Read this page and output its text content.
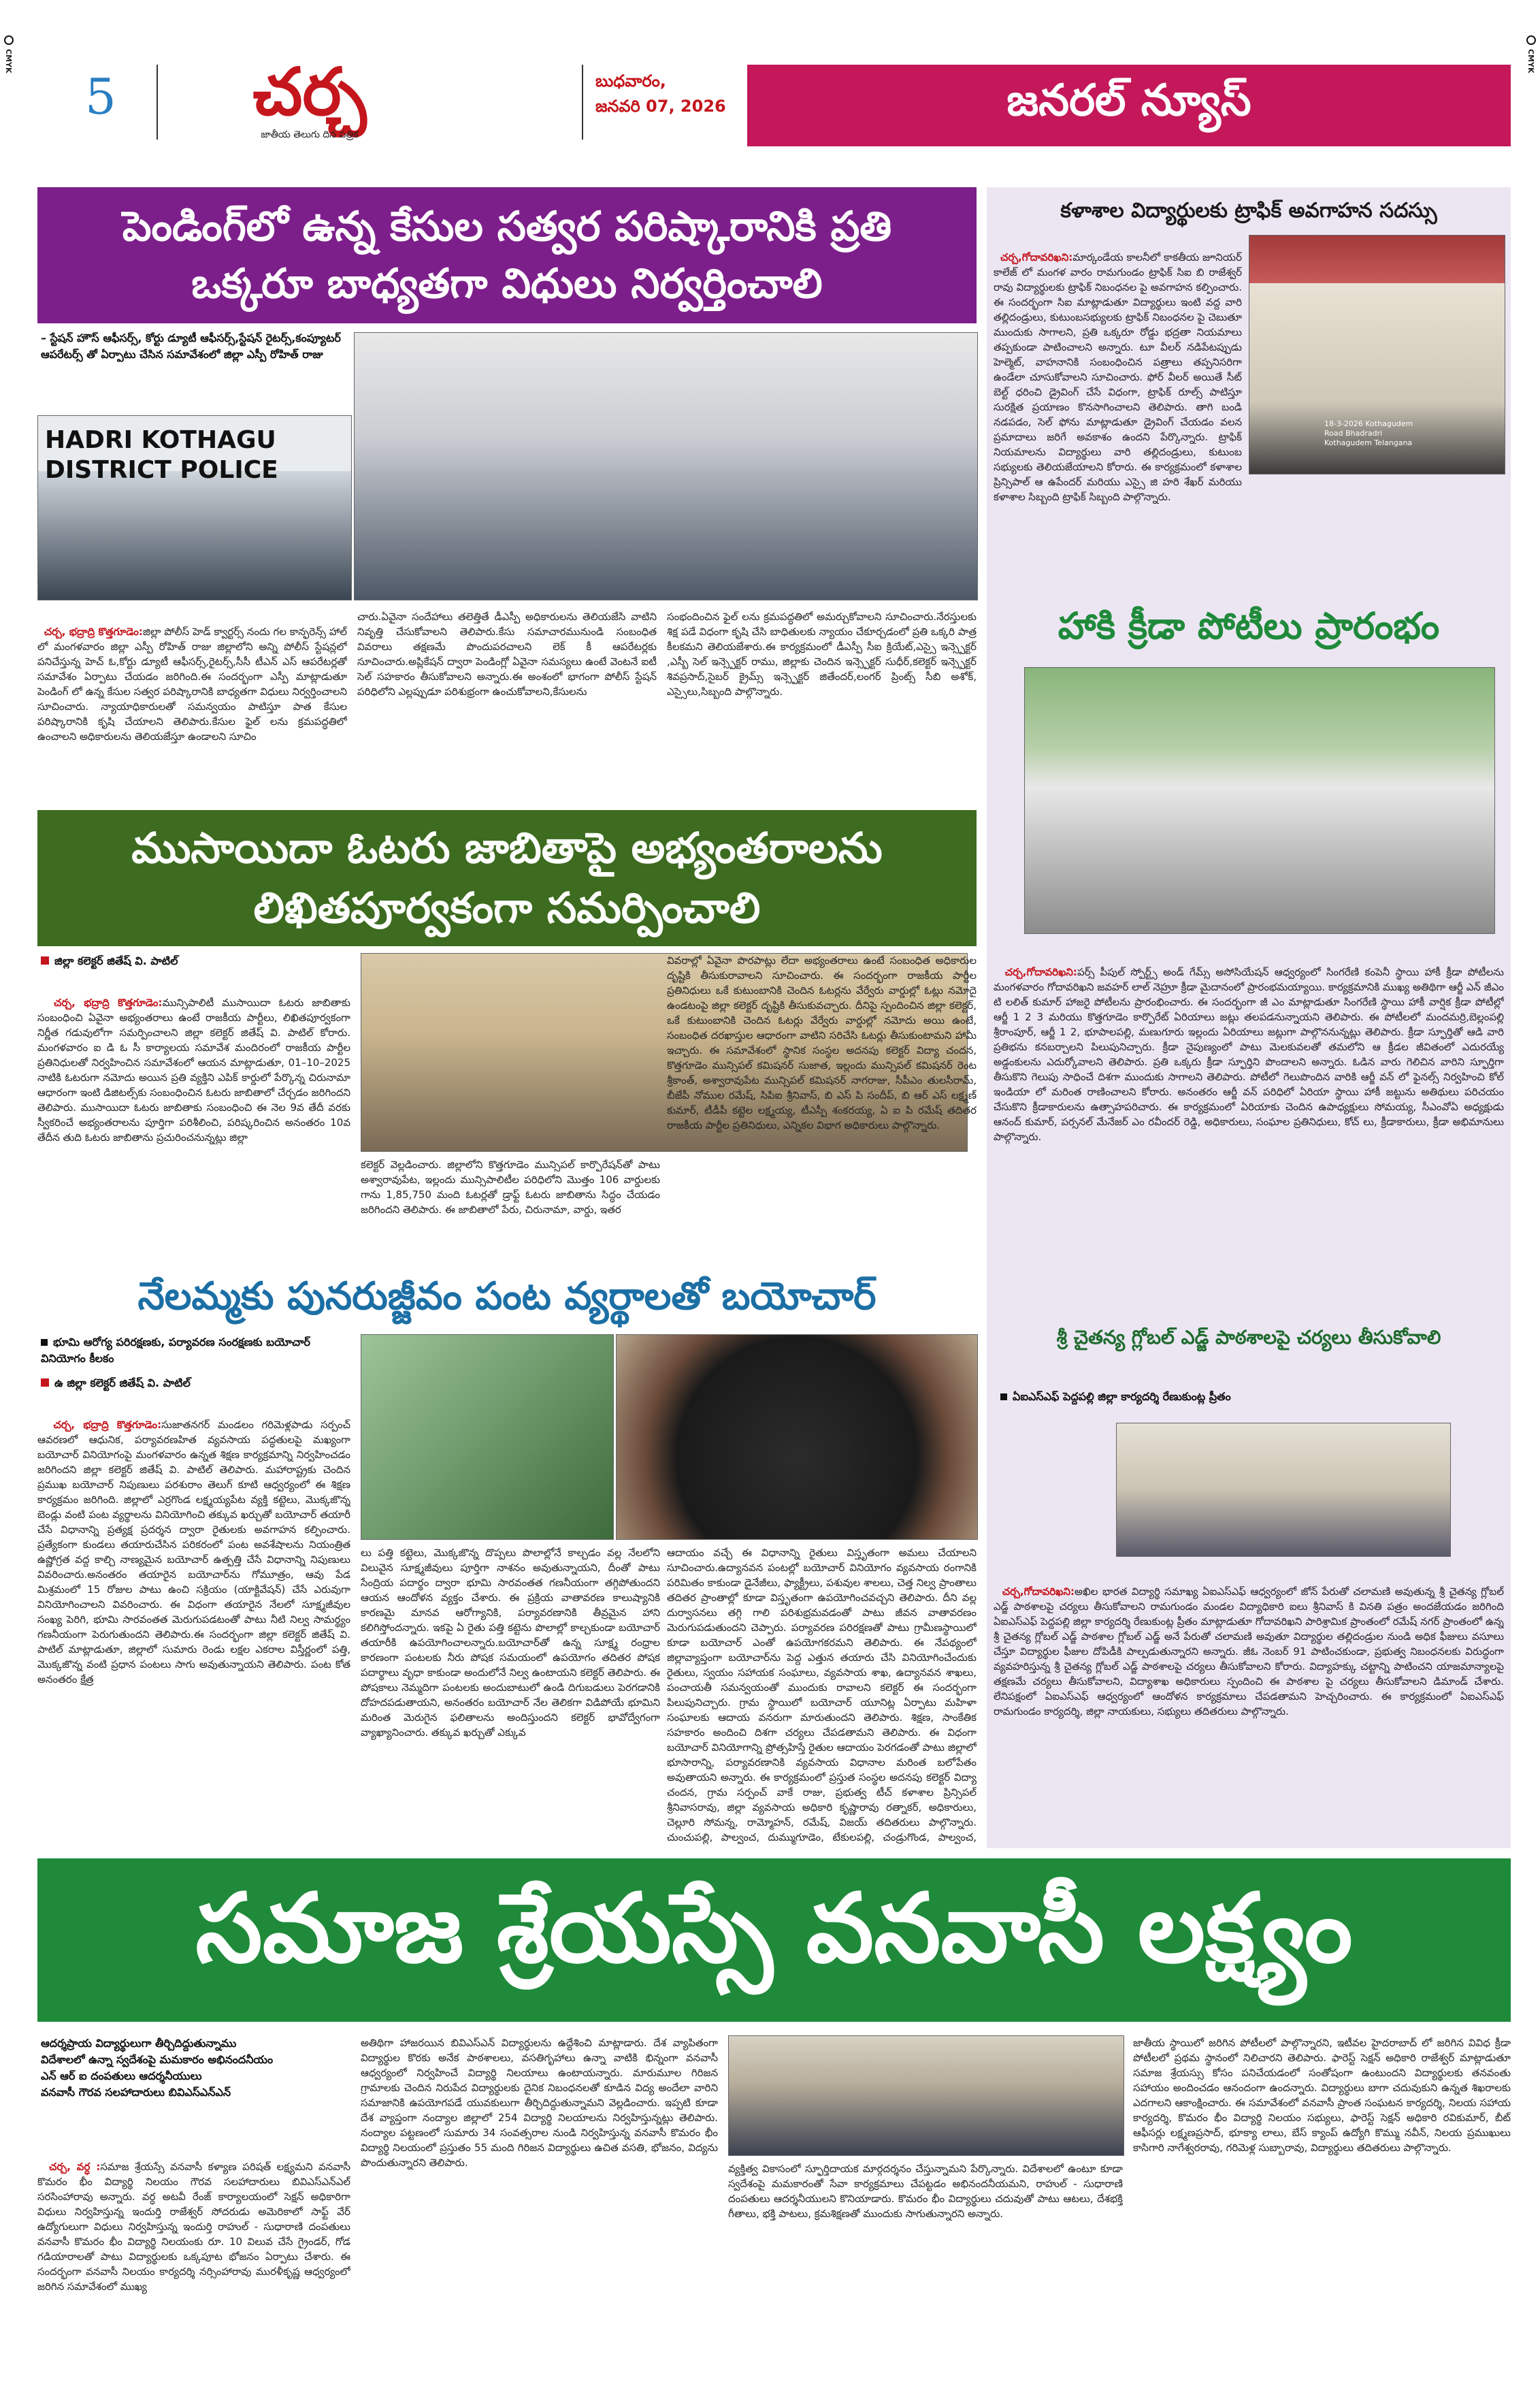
CMYK	CMYK
5	చర్చ
జాతీయ తెలుగు దిన పత్రిక
బుధవారం,
జనవరి 07, 2026	జనరల్ న్యూస్
పెండింగ్‌లో ఉన్న కేసుల సత్వర పరిష్కారానికి ప్రతి ఒక్కరూ బాధ్యతగా విధులు నిర్వర్తించాలి
– స్టేషన్ హౌస్ ఆఫీసర్స్, కోర్టు డ్యూటీ ఆఫీసర్స్,స్టేషన్ రైటర్స్,కంప్యూటర్ ఆపరేటర్స్ తో ఏర్పాటు చేసిన సమావేశంలో జిల్లా ఎస్పీ రోహిత్ రాజు
HADRI KOTHAGU DISTRICT POLICE

చర్చ, భద్రాద్రి కొత్తగూడెం:జిల్లా పోలీస్ హెడ్ క్వార్టర్స్ నందు గల కాన్ఫరెన్స్ హాల్ లో మంగళవారం జిల్లా ఎస్పీ రోహిత్ రాజు జిల్లాలోని అన్ని పోలీస్ స్టేషన్లలో పనిచేస్తున్న హెచ్ ఓ,కోర్టు డ్యూటీ ఆఫీసర్స్,రైటర్స్,సీసీ టీఎన్ ఎస్ ఆపరేటర్లతో సమావేశం ఏర్పాటు చేయడం జరిగింది.ఈ సందర్భంగా ఎస్పీ మాట్లాడుతూ పెండింగ్ లో ఉన్న కేసుల సత్వర పరిష్కారానికి బాధ్యతగా విధులు నిర్వర్తించాలని సూచించారు. న్యాయాధికారులతో సమన్వయం పాటిస్తూ పాత కేసుల పరిష్కారానికి కృషి చేయాలని తెలిపారు.కేసుల ఫైల్ లను క్రమపద్ధతిలో ఉంచాలని అధికారులను తెలియజేస్తూ ఉండాలని సూచిం

చారు.ఏవైనా సందేహాలు తలెత్తితే డీఎస్పీ అధికారులను తెలియజేసి వాటిని నివృత్తి చేసుకోవాలని తెలిపారు.కేసు సమాచారమునుండి సంబంధిత వివరాలు తక్షణమే పొందుపరచాలని లెక్ కీ ఆపరేటర్లకు సూచించారు.అప్లికేషన్ ద్వారా పెండింగ్లో ఏవైనా సమస్యలు ఉంటే వెంటనే ఐటీ సెల్ సహకారం తీసుకోవాలని అన్నారు.ఈ అంశంలో భాగంగా పోలీస్ స్టేషన్ పరిధిలోని ఎల్లప్పుడూ పరిశుభ్రంగా ఉంచుకోవాలని,కేసులను
సంభందించిన ఫైల్ లను క్రమపద్ధతిలో అమర్చుకోవాలని సూచించారు.నేరస్తులకు శిక్ష పడే విధంగా కృషి చేసి బాధితులకు న్యాయం చేకూర్చడంలో ప్రతి ఒక్కరి పాత్ర కీలకమని తెలియజేశారు.ఈ కార్యక్రమంలో డీఎస్పీ సీఐ క్రియేట్,ఎస్సై ఇన్స్పెక్టర్ ,ఎస్బీ సెల్ ఇన్స్పెక్టర్ రాము, జిల్లాకు చెందిన ఇన్స్పెక్టర్ సుధీర్,కలెక్టర్ ఇన్స్పెక్టర్ శివప్రసాద్,సైబర్ క్రైమ్స్ ఇన్స్పెక్టర్ జితేందర్,లంగర్ ప్రింట్స్ సీబి అశోక్, ఎస్సైలు,సిబ్బంది పాల్గొన్నారు.
ముసాయిదా ఓటరు జాబితాపై అభ్యంతరాలను
లిఖితపూర్వకంగా సమర్పించాలి
జిల్లా కలెక్టర్ జితేష్ వి. పాటిల్

చర్చ, భద్రాద్రి కొత్తగూడెం:మున్సిపాలిటీ ముసాయిదా ఓటరు జాబితాకు సంబంధించి ఏవైనా అభ్యంతరాలు ఉంటే రాజకీయ పార్టీలు, లిఖితపూర్వకంగా నిర్ణీత గడువులోగా సమర్పించాలని జిల్లా కలెక్టర్ జితేష్ వి. పాటిల్ కోరారు. మంగళవారం ఐ డి ఓ సీ కార్యాలయ సమావేశ మందిరంలో రాజకీయ పార్టీల ప్రతినిధులతో నిర్వహించిన సమావేశంలో ఆయన మాట్లాడుతూ, 01–10–2025 నాటికి ఓటరుగా నమోదు అయిన ప్రతి వ్యక్తిని ఎపిక్ కార్డులో పేర్కొన్న చిరునామా ఆధారంగా ఇంటి డిజిటల్స్‌కు సంబంధించిన ఓటరు జాబితాలో చేర్చడం జరిగిందని తెలిపారు. ముసాయిదా ఓటరు జాబితాకు సంబంధించి ఈ నెల 9వ తేదీ వరకు స్వీకరించే అభ్యంతరాలను పూర్తిగా పరిశీలించి, పరిష్కరించిన అనంతరం 10వ తేదీన తుది ఓటరు జాబితాను ప్రచురించనున్నట్లు జిల్లా

కలెక్టర్ వెల్లడించారు. జిల్లాలోని కొత్తగూడెం మున్సిపల్ కార్పొరేషన్‌తో పాటు అశ్వారావుపేట, ఇల్లందు మున్సిపాలిటీల పరిధిలోని మొత్తం 106 వార్డులకు గాను 1,85,750 మంది ఓటర్లతో డ్రాఫ్ట్ ఓటరు జాబితాను సిద్ధం చేయడం జరిగిందని తెలిపారు. ఈ జాబితాలో పేరు, చిరునామా, వార్డు, ఇతర
వివరాల్లో ఏవైనా పొరపాట్లు లేదా అభ్యంతరాలు ఉంటే సంబంధిత అధికారుల దృష్టికి తీసుకురావాలని సూచించారు. ఈ సందర్భంగా రాజకీయ పార్టీల ప్రతినిధులు ఒకే కుటుంబానికి చెందిన ఓటర్లను వేర్వేరు వార్డుల్లో ఓట్లు నమోదై ఉండటంపై జిల్లా కలెక్టర్ దృష్టికి తీసుకువచ్చారు. దీనిపై స్పందించిన జిల్లా కలెక్టర్, ఒకే కుటుంబానికి చెందిన ఓటర్లు వేర్వేరు వార్డుల్లో నమోదు అయి ఉంటే, సంబంధిత దరఖాస్తుల ఆధారంగా వాటిని సరిచేసి ఓటర్లు తీసుకుంటామని హామీ ఇచ్చారు. ఈ సమావేశంలో స్థానిక సంస్థల అదనపు కలెక్టర్ విద్యా చందన, కొత్తగూడెం మున్సిపల్ కమిషనర్ సుజాత, ఇల్లందు మున్సిపల్ కమిషనర్ రెంట శ్రీకాంత్, అశ్వారావుపేట మున్సిపల్ కమిషనర్ నాగరాజు, సీపీఎం తులసీరామ్, బీజేపీ నోముల రమేష్, సిపిఐ శ్రీనివాస్, బి ఎస్ పి సందీప్, బి ఆర్ ఎస్ లక్ష్మణ్ కుమార్, టీడీపీ కట్టెల లక్ష్మయ్య, టీఎస్పీ శంకరయ్య, ఏ ఐ పి రమేష్ తదితర రాజకీయ పార్టీల ప్రతినిధులు, ఎన్నికల విభాగ అధికారులు పాల్గొన్నారు.
నేలమ్మకు పునరుజ్జీవం పంట వ్యర్థాలతో బయోచార్
భూమి ఆరోగ్య పరిరక్షణకు, పర్యావరణ సంరక్షణకు బయోచార్ వినియోగం కీలకం
ఉ జిల్లా కలెక్టర్ జితేష్ వి. పాటిల్

చర్చ, భద్రాద్రి కొత్తగూడెం:సుజాతనగర్ మండలం గరిమెళ్లపాడు సర్పంచ్ ఆవరణలో ఆధునిక, పర్యావరణహిత వ్యవసాయ పద్ధతులపై మఖ్యంగా బయోచార్ వినియోగంపై మంగళవారం ఉన్నత శిక్షణ కార్యక్రమాన్ని నిర్వహించడం జరిగిందని జిల్లా కలెక్టర్ జితేష్ వి. పాటిల్ తెలిపారు. మహారాష్ట్రకు చెందిన ప్రముఖ బయోచార్ నిపుణులు పరశురాం తెలుగ్ కూటి ఆధ్వర్యంలో ఈ శిక్షణ కార్యక్రమం జరిగింది. జిల్లాలో ఎర్రగొండ లక్ష్మయ్యపేట వ్యక్తి కట్టెలు, మొక్కజొన్న బెండ్లు వంటి పంట వ్యర్థాలను వినియోగించి తక్కువ ఖర్చుతో బయోచార్ తయారీ చేసే విధానాన్ని ప్రత్యక్ష ప్రదర్శన ద్వారా రైతులకు అవగాహన కల్పించారు. ప్రత్యేకంగా కుండలు తయారుచేసిన పరికరంలో పంట అవశేషాలను నియంత్రిత ఉష్ణోగ్రత వద్ద కాల్చి నాణ్యమైన బయోచార్ ఉత్పత్తి చేసే విధానాన్ని నిపుణులు వివరించారు.అనంతరం తయారైన బయోచార్‌ను గోమూత్రం, ఆవు పేడ మిశ్రమంలో 15 రోజుల పాటు ఉంచి సక్రియం (యాక్టివేషన్) చేసే ఎరువుగా వినియోగించాలని వివరించారు. ఈ విధంగా తయారైన నేలలో సూక్ష్మజీవుల సంఖ్య పెరిగి, భూమి సారవంతత మెరుగుపడటంతో పాటు నీటి నిల్వ సామర్థ్యం గణనీయంగా పెరుగుతుందని తెలిపారు.ఈ సందర్భంగా జిల్లా కలెక్టర్ జితేష్ వి. పాటిల్ మాట్లాడుతూ, జిల్లాలో సుమారు రెండు లక్షల ఎకరాల విస్తీర్ణంలో పత్తి, మొక్కజొన్న వంటి ప్రధాన పంటలు సాగు అవుతున్నాయని తెలిపారు. పంట కోత అనంతరం క్షేత్ర

లు పత్తి కట్టెలు, మొక్కజొన్న దొప్పలు పొలాల్లోనే కాల్చడం వల్ల నేలలోని విలువైన సూక్ష్మజీవులు పూర్తిగా నాశనం అవుతున్నాయని, దీంతో పాటు సేంద్రియ పదార్థం ద్వారా భూమి సారవంతత గణనీయంగా తగ్గిపోతుందని ఆయన ఆందోళన వ్యక్తం చేశారు. ఈ ప్రక్రియ వాతావరణ కాలుష్యానికి కారణమై మానవ ఆరోగ్యానికి, పర్యావరణానికి తీవ్రమైన హాని కలిగిస్తోందన్నారు. ఇకపై ఏ రైతు పత్తి కట్టెను పొలాల్లో కాల్చకుండా బయోచార్ తయారీకి ఉపయోగించాలన్నారు.బయోచార్‌తో ఉన్న సూక్ష్మ రంధ్రాల కారణంగా పంటలకు నీరు పోషక సమయంలో ఉపయోగం తదితర పోషక పదార్థాలు వృధా కాకుండా అందులోనే నిల్వ ఉంటాయని కలెక్టర్ తెలిపారు. ఈ పోషకాలు నెమ్మదిగా పంటలకు అందుబాటులో ఉండి దిగుబడులు పెరగడానికి దోహదపడుతాయని, అనంతరం బయోచార్ నేల తెలికగా విడిపోయే భూమిని మరింత మెరుగైన ఫలితాలను అందిస్తుందని కలెక్టర్ భావోద్వేగంగా వ్యాఖ్యానించారు. తక్కువ ఖర్చుతో ఎక్కువ
ఆదాయం వచ్చే ఈ విధానాన్ని రైతులు విస్తృతంగా అమలు చేయాలని సూచించారు.ఉద్యానవన పంటల్లో బయోచార్ వినియోగం వ్యవసాయ రంగానికి పరిమితం కాకుండా డైనేజీలు, ఫ్యాక్ట్రీలు, పశువుల శాలలు, చెత్త నిల్వ ప్రాంతాలు తదితర ప్రాంతాల్లో కూడా విస్తృతంగా ఉపయోగించవచ్చని తెలిపారు. దీని వల్ల దుర్వాసనలు తగ్గి గాలి పరిశుభ్రమవడంతో పాటు జీవన వాతావరణం మెరుగుపడుతుందని చెప్పారు. పర్యావరణ పరిరక్షణతో పాటు గ్రామీణస్థాయిలో కూడా బయోచార్ ఎంతో ఉపయోగకరమని తెలిపారు. ఈ నేపథ్యంలో జిల్లావ్యాప్తంగా బయోచార్‌ను పెద్ద ఎత్తున తయారు చేసి వినియోగించేందుకు రైతులు, స్వయం సహాయక సంఘాలు, వ్యవసాయ శాఖ, ఉద్యానవన శాఖలు, పంచాయతీ సమన్వయంతో ముందుకు రావాలని కలెక్టర్ ఈ సందర్భంగా పిలుపునిచ్చారు. గ్రామ స్థాయిలో బయోచార్ యూనిట్ల ఏర్పాటు మహిళా సంఘాలకు ఆదాయ వనరుగా మారుతుందని తెలిపారు. శిక్షణ, సాంకేతిక సహకారం అందించి దిశగా చర్యలు చేపడతామని తెలిపారు. ఈ విధంగా బయోచార్ వినియోగాన్ని ప్రోత్సహిస్తే రైతుల ఆదాయం పెరగడంతో పాటు జిల్లాలో భూసారాన్ని, పర్యావరణానికి వ్యవసాయ విధానాల మరింత బలోపేతం అవుతాయని అన్నారు. ఈ కార్యక్రమంలో ప్రస్తుత సంస్థల అదనపు కలెక్టర్ విద్యా చందన, గ్రామ సర్పంచ్ వాకే రాజు, ప్రభుత్వ టీచ్ కళాశాల ప్రిన్సిపల్ శ్రీనివాసరావు, జిల్లా వ్యవసాయ అధికారి కృష్ణారావు రత్నాకర్, అధికారులు, చెల్లూరి సోమన్న, రామ్మోహన్, రమేష్, విజయ్ తదితరులు పాల్గొన్నారు. చుంచుపల్లి, పాల్వంచ, దుమ్ముగూడెం, టేకులపల్లి, చండ్రుగొండ, పాల్వంచ,
కళాశాల విద్యార్థులకు ట్రాఫిక్ అవగాహన సదస్సు
18-3-2026 Kothagudem Road Bhadradri Kothagudem Telangana

చర్చ,గోదావరిఖని:మార్కండేయ కాలనీలో కాకతీయ జూనియర్ కాలేజ్ లో మంగళ వారం రామగుండం ట్రాఫిక్ సిఐ బి రాజేశ్వర్ రావు విద్యార్థులకు ట్రాఫిక్ నిబంధనల పై అవగాహన కల్పించారు. ఈ సందర్భంగా సిఐ మాట్లాడుతూ విద్యార్థులు ఇంటి వద్ద వారి తల్లిదండ్రులు, కుటుంబసభ్యులకు ట్రాఫిక్ నిబంధనల పై చెబుతూ ముందుకు సాగాలని, ప్రతి ఒక్కరూ రోడ్డు భద్రతా నియమాలు తప్పకుండా పాటించాలని అన్నారు. టూ వీలర్ నడిపేటప్పుడు హెల్మెట్, వాహనానికి సంబంధించిన పత్రాలు తప్పనిసరిగా ఉండేలా చూసుకోవాలని సూచించారు. ఫోర్ వీలర్ అయితే సీట్ బెల్ట్ ధరించి డ్రైవింగ్ చేసే విధంగా, ట్రాఫిక్ రూల్స్ పాటిస్తూ సురక్షిత ప్రయాణం కొనసాగించాలని తెలిపారు. తాగి బండి నడపడం, సెల్ ఫోను మాట్లాడుతూ డ్రైవింగ్ చేయడం వలన ప్రమాదాలు జరిగే అవకాశం ఉందని పేర్కొన్నారు. ట్రాఫిక్ నియమాలను విద్యార్థులు వారి తల్లిదండ్రులు, కుటుంబ సభ్యులకు తెలియజేయాలని కోరారు. ఈ కార్యక్రమంలో కళాశాల ప్రిన్సిపాల్ ఆ ఉపేందర్ మరియు ఎస్సై జి హరి శేఖర్ మరియు కళాశాల సిబ్బంది ట్రాఫిక్ సిబ్బంది పాల్గొన్నారు.

హాకి క్రీడా పోటీలు ప్రారంభం

చర్చ,గోదావరిఖని:పర్స్ పీపుల్ స్పోర్ట్స్ అండ్ గేమ్స్ అసోసియేషన్ ఆధ్వర్యంలో సింగరేణి కంపెనీ స్థాయి హాకీ క్రీడా పోటీలను మంగళవారం గోదావరిఖని జవహర్ లాల్ నెహ్రూ క్రీడా మైదానంలో ప్రారంభమయ్యాయి. కార్యక్రమానికి ముఖ్య అతిథిగా ఆర్జీ ఎన్ జీఎం టి లలిత్ కుమార్ హాజరై పోటీలను ప్రారంభించారు. ఈ సందర్భంగా జీ ఎం మాట్లాడుతూ సింగరేణి స్థాయి హాకీ వార్షిక క్రీడా పోటీల్లో ఆర్జీ 1 2 3 మరియు కొత్తగూడెం కార్పొరేట్ ఏరియాలు జట్లు తలపడనున్నాయని తెలిపారు. ఈ పోటీలలో మందమర్రి,బెల్లంపల్లి శ్రీరాంపూర్, ఆర్జీ 1 2, భూపాలపల్లి, మణుగూరు ఇల్లందు ఏరియాలు జట్లుగా పాల్గొననున్నట్లు తెలిపారు. క్రీడా స్ఫూర్తితో ఆడి వారి ప్రతిభను కనబర్చాలని పిలుపునిచ్చారు. క్రీడా నైపుణ్యంలో పాటు మెలకువలతో తమలోని ఆ క్రీడల జీవితంలో ఎదురయ్యే అడ్డంకులను ఎదుర్కోవాలని తెలిపారు. ప్రతి ఒక్కరు క్రీడా స్ఫూర్తిని పొందాలని అన్నారు. ఓడిన వారు గెలిచిన వారిని స్ఫూర్తిగా తీసుకొని గెలుపు సాధించే దిశగా ముందుకు సాగాలని తెలిపారు. పోటీలో గెలుపొందిన వారికి ఆర్జీ వన్ లో ఫైనల్స్ నిర్వహించి కోల్ ఇండియా లో మరింత రాణించాలని కోరారు. అనంతరం ఆర్జీ వన్ పరిధిలో ఏరియా స్థాయి హాకీ జట్టును అతిథులు పరిచయం చేసుకొని క్రీడాకారులను ఉత్సాహపరిచారు. ఈ కార్యక్రమంలో ఏరియాకు చెందిన ఉపాధ్యక్షులు సోమయ్య, సీఎంవోఏ అధ్యక్షుడు ఆనంద్ కుమార్, పర్సనల్ మేనేజర్ ఎం రవీందర్ రెడ్డి, అధికారులు, సంఘాల ప్రతినిధులు, కోచ్ లు, క్రీడాకారులు, క్రీడా అభిమానులు పాల్గొన్నారు.

శ్రీ చైతన్య గ్లోబల్ ఎడ్జ్ పాఠశాలపై చర్యలు తీసుకోవాలి
ఏఐఎస్ఎఫ్ పెద్దపల్లి జిల్లా కార్యదర్శి రేణుకుంట్ల ప్రీతం

చర్చ,గోదావరిఖని:అఖిల భారత విద్యార్థి సమాఖ్య ఏఐఎస్ఎఫ్ ఆధ్వర్యంలో జోన్ పేరుతో చలామణి అవుతున్న శ్రీ చైతన్య గ్లోబల్ ఎడ్జ్ పాఠశాలపై చర్యలు తీసుకోవాలని రామగుండం మండల విద్యాధికారి ఐలు శ్రీనివాస్ కి వినతి పత్రం అందజేయడం జరిగింది ఏఐఎస్ఎఫ్ పెద్దపల్లి జిల్లా కార్యదర్శి రేణుకుంట్ల ప్రీతం మాట్లాడుతూ గోదావరిఖని పారిశ్రామిక ప్రాంతంలో రమేష్ నగర్ ప్రాంతంలో ఉన్న శ్రీ చైతన్య గ్లోబల్ ఎడ్జ్ పాఠశాల గ్లోబల్ ఎడ్జ్ అనే పేరుతో చలామణి అవుతూ విద్యార్థుల తల్లిదండ్రుల నుండి అధిక ఫీజులు వసూలు చేస్తూ విద్యార్థుల ఫీజుల దోపిడీకి పాల్పడుతున్నారని అన్నారు. జీఓ నెంబర్ 91 పాటించకుండా, ప్రభుత్వ నిబంధనలకు విరుద్ధంగా వ్యవహరిస్తున్న శ్రీ చైతన్య గ్లోబల్ ఎడ్జ్ పాఠశాలపై చర్యలు తీసుకోవాలని కోరారు. విద్యాహక్కు చట్టాన్ని పాటించని యాజమాన్యాలపై తక్షణమే చర్యలు తీసుకోవాలని, విద్యాశాఖ అధికారులు స్పందించి ఈ పాఠశాల పై చర్యలు తీసుకోవాలని డిమాండ్ చేశారు. లేనిపక్షంలో ఏఐఎస్ఎఫ్ ఆధ్వర్యంలో ఆందోళన కార్యక్రమాలు చేపడతామని హెచ్చరించారు. ఈ కార్యక్రమంలో ఏఐఎస్ఎఫ్ రామగుండం కార్యదర్శి, జిల్లా నాయకులు, సభ్యులు తదితరులు పాల్గొన్నారు.

సమాజ శ్రేయస్సే వనవాసీ లక్ష్యం
ఆదర్శప్రాయ విద్యార్థులుగా తీర్చిదిద్దుతున్నాము
విదేశాలలో ఉన్నా స్వదేశంపై మమకారం అభినందనీయం
ఎన్ ఆర్ ఐ దంపతులు ఆదర్శనీయులు
వనవాసీ గౌరవ సలహాదారులు బివిఎస్ఎన్ఎన్

చర్చ, వర్ధ :సమాజ శ్రేయస్సే వనవాసీ కళ్యాణ పరిషత్ లక్ష్యమని వనవాసీ కొమరం భీం విద్యార్థి నిలయం గౌరవ సలహాదారులు బివిఎస్ఎన్ఎల్ సరసింహారావు అన్నారు. వర్ధ అటవీ రేంజ్ కార్యాలయంలో సెక్షన్ అధికారిగా విధులు నిర్వహిస్తున్న ఇందుర్తి రాజేశ్వర్ సోదరుడు అమెరికాలో సాఫ్ట్ వేర్ ఉద్యోగులుగా విధులు నిర్వహిస్తున్న ఇందుర్తి రాహుల్ - సుధారాణి దంపతులు వనవాసీ కొమరం భీం విద్యార్థి నిలయంకు రూ. 10 విలువ చేసే గ్రైండర్, గోడ గడియారాలతో పాటు విద్యార్థులకు ఒక్కపూట భోజనం ఏర్పాటు చేశారు. ఈ సందర్భంగా వనవాసీ నిలయం కార్యదర్శి నర్సింహారావు మురళీకృష్ణ ఆధ్వర్యంలో జరిగిన సమావేశంలో ముఖ్య

అతిథిగా హాజరయిన బివిఎస్ఎన్ విద్యార్థులను ఉద్దేశించి మాట్లాడారు. దేశ వ్యాపితంగా విద్యార్థుల కొరకు అనేక పాఠశాలలు, వసతిగృహాలు ఉన్నా వాటికి భిన్నంగా వనవాసీ ఆధ్వర్యంలో నిర్వహించే విద్యార్థి నిలయాలు ఉంటాయన్నారు. మారుమూల గిరిజన గ్రామాలకు చెందిన నిరుపేద విద్యార్థులకు దైనిక నిబంధనలతో కూడిన విద్య అందేలా వారిని సమాజానికి ఉపయోగపడే యువకులుగా తీర్చిదిద్దుతున్నామని వెల్లడించారు. ఇప్పటి కూడా దేశ వ్యాప్తంగా నంద్యాల జిల్లాలో 254 విద్యార్థి నిలయాలను నిర్వహిస్తున్నట్లు తెలిపారు. నంద్యాల పట్టణంలో సుమారు 34 సంవత్సరాల నుండి నిర్వహిస్తున్న వనవాసీ కొమరం భీం విద్యార్థి నిలయంలో ప్రస్తుతం 55 మంది గిరిజన విద్యార్థులు ఉచిత వసతి, భోజనం, విద్యను పొందుతున్నారని తెలిపారు.	వ్యక్తిత్వ వికాసంలో స్ఫూర్తిదాయక మార్గదర్శనం చేస్తున్నామని పేర్కొన్నారు. విదేశాలలో ఉంటూ కూడా స్వదేశంపై మమకారంతో సేవా కార్యక్రమాలు చేపట్టడం అభినందనీయమని, రాహుల్ - సుధారాణి దంపతులు ఆదర్శనీయులని కొనియాడారు. కొమరం భీం విద్యార్థులు చదువుతో పాటు ఆటలు, దేశభక్తి గీతాలు, భక్తి పాటలు, క్రమశిక్షణతో ముందుకు సాగుతున్నారని అన్నారు.
జాతీయ స్థాయిలో జరిగిన పోటీలలో పాల్గొన్నారని, ఇటీవల హైదరాబాద్ లో జరిగిన వివిధ క్రీడా పోటీలలో ప్రథమ స్థానంలో నిలిచారని తెలిపారు. ఫారెస్ట్ సెక్షన్ అధికారి రాజేశ్వర్ మాట్లాడుతూ సమాజ శ్రేయస్సు కోసం పనిచేయడంలో సంతోషంగా ఉంటుందని విద్యార్థులకు తనవంతు సహాయం అందించడం ఆనందంగా ఉందన్నారు. విద్యార్థులు బాగా చదువుకుని ఉన్నత శిఖరాలకు ఎదగాలని ఆకాంక్షించారు. ఈ సమావేశంలో వనవాసీ ప్రాంత సంఘటన కార్యదర్శి, నిలయ సహాయ కార్యదర్శి, కొమరం భీం విద్యార్థి నిలయం సభ్యులు, ఫారెస్ట్ సెక్షన్ అధికారి రవికుమార్, బీట్ ఆఫీసర్లు లక్ష్మణప్రసాద్, భూక్యా లాలు, బేస్ క్యాంప్ ఉద్యోగి కొమ్ము నవీన్, నిలయ ప్రముఖులు కాసిగారి నాగేశ్వరరావు, గరిమెళ్ల సుబ్బారావు, విద్యార్థులు తదితరులు పాల్గొన్నారు.
